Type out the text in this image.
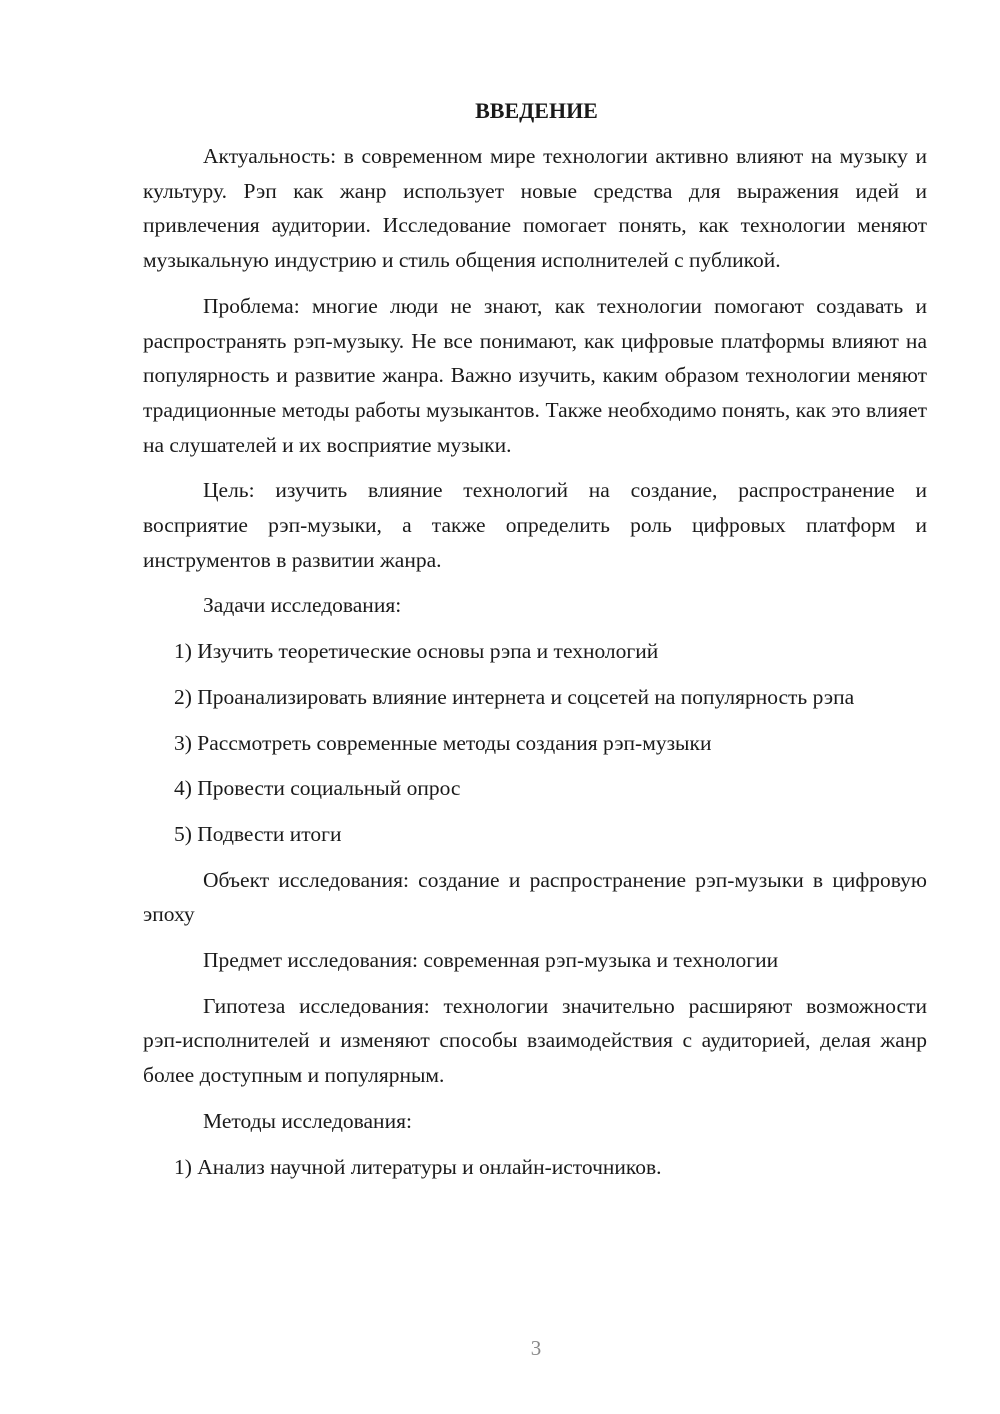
ВВЕДЕНИЕ

Актуальность: в современном мире технологии активно влияют на музыку и культуру. Рэп как жанр использует новые средства для выражения идей и привлечения аудитории. Исследование помогает понять, как технологии меняют музыкальную индустрию и стиль общения исполнителей с публикой.

Проблема: многие люди не знают, как технологии помогают создавать и распространять рэп-музыку. Не все понимают, как цифровые платформы влияют на популярность и развитие жанра. Важно изучить, каким образом технологии меняют традиционные методы работы музыкантов. Также необходимо понять, как это влияет на слушателей и их восприятие музыки.

Цель: изучить влияние технологий на создание, распространение и восприятие рэп-музыки, а также определить роль цифровых платформ и инструментов в развитии жанра.

Задачи исследования:

1) Изучить теоретические основы рэпа и технологий

2) Проанализировать влияние интернета и соцсетей на популярность рэпа

3) Рассмотреть современные методы создания рэп-музыки

4) Провести социальный опрос

5) Подвести итоги

Объект исследования: создание и распространение рэп-музыки в цифровую эпоху

Предмет исследования: современная рэп-музыка и технологии

Гипотеза исследования: технологии значительно расширяют возможности рэп-исполнителей и изменяют способы взаимодействия с аудиторией, делая жанр более доступным и популярным.

Методы исследования:

1) Анализ научной литературы и онлайн-источников.

3
